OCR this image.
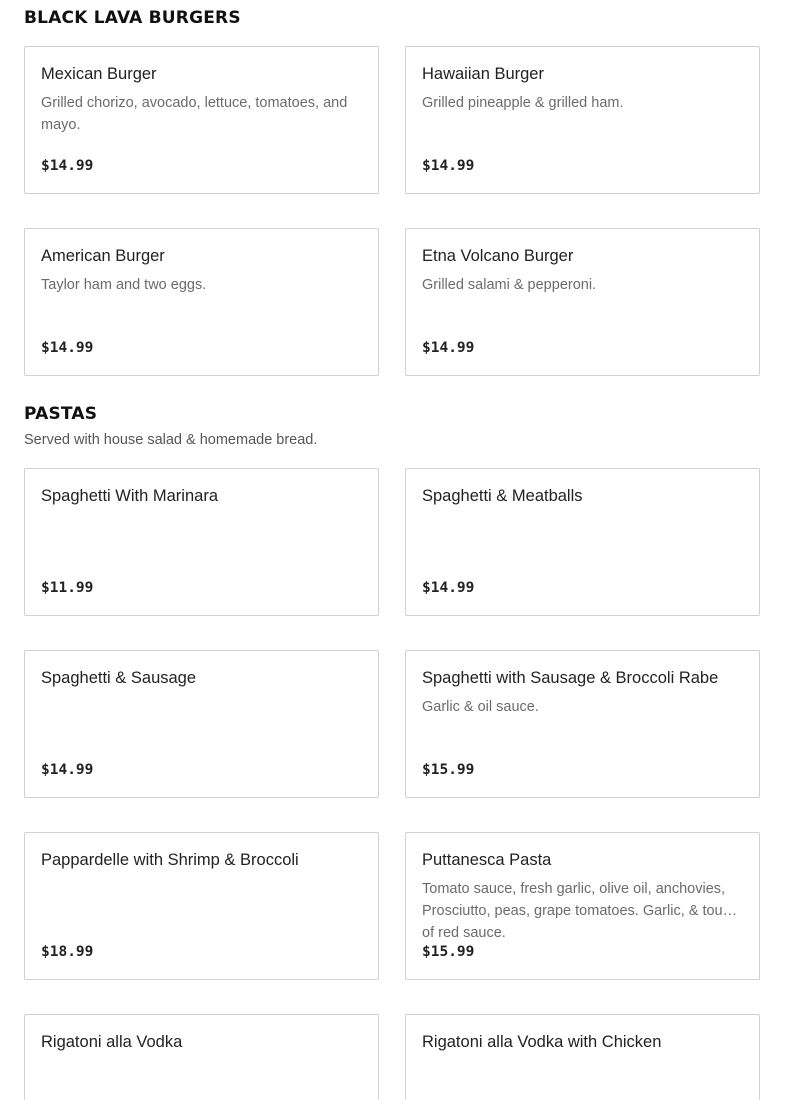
BLACK LAVA BURGERS
Mexican Burger
Grilled chorizo, avocado, lettuce, tomatoes, and mayo.
$14.99
Hawaiian Burger
Grilled pineapple & grilled ham.
$14.99
American Burger
Taylor ham and two eggs.
$14.99
Etna Volcano Burger
Grilled salami & pepperoni.
$14.99
PASTAS

Served with house salad & homemade bread.

Spaghetti With Marinara
$11.99
Spaghetti & Meatballs
$14.99
Spaghetti & Sausage
$14.99
Spaghetti with Sausage & Broccoli Rabe
Garlic & oil sauce.
$15.99
Pappardelle with Shrimp & Broccoli
$18.99
Puttanesca Pasta
Tomato sauce, fresh garlic, olive oil, anchovies, Prosciutto, peas, grape tomatoes. Garlic, & touch of red sauce.
$15.99
Rigatoni alla Vodka	Rigatoni alla Vodka with Chicken
